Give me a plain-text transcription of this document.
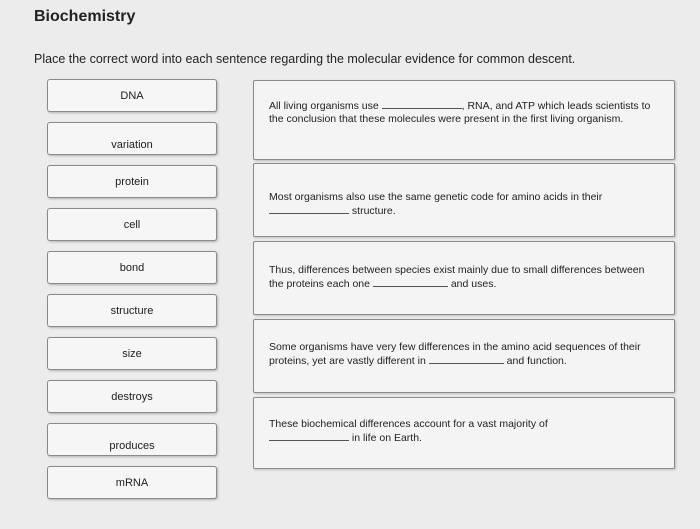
Biochemistry
Place the correct word into each sentence regarding the molecular evidence for common descent.
DNA
variation
protein
cell
bond
structure
size
destroys
produces
mRNA
All living organisms use	, RNA, and ATP which leads scientists to the conclusion that these molecules were present in the first living organism.
Most organisms also use the same genetic code for amino acids in their
structure.
Thus, differences between species exist mainly due to small differences between the proteins each one	and uses.
Some organisms have very few differences in the amino acid sequences of their proteins, yet are vastly different in	and function.
These biochemical differences account for a vast majority of
in life on Earth.
